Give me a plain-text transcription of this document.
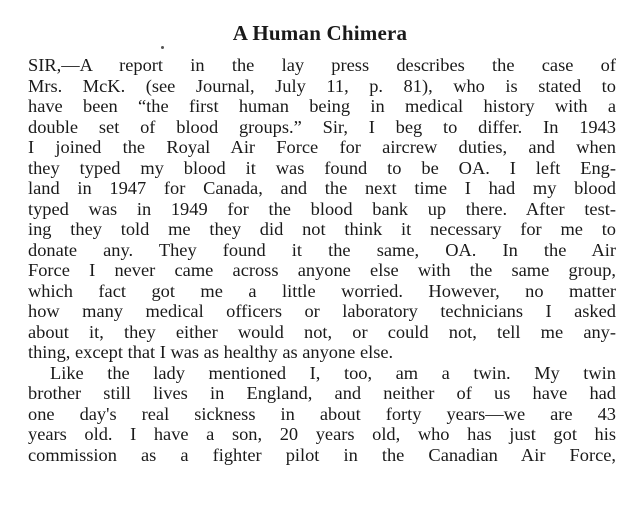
A Human Chimera
SIR,—A report in the lay press describes the case of
Mrs. McK. (see Journal, July 11, p. 81), who is stated to
have been “the first human being in medical history with a
double set of blood groups.” Sir, I beg to differ. In 1943
I joined the Royal Air Force for aircrew duties, and when
they typed my blood it was found to be OA. I left Eng-
land in 1947 for Canada, and the next time I had my blood
typed was in 1949 for the blood bank up there. After test-
ing they told me they did not think it necessary for me to
donate any. They found it the same, OA. In the Air
Force I never came across anyone else with the same group,
which fact got me a little worried. However, no matter
how many medical officers or laboratory technicians I asked
about it, they either would not, or could not, tell me any-
thing, except that I was as healthy as anyone else.
Like the lady mentioned I, too, am a twin. My twin
brother still lives in England, and neither of us have had
one day's real sickness in about forty years—we are 43
years old. I have a son, 20 years old, who has just got his
commission as a fighter pilot in the Canadian Air Force,
